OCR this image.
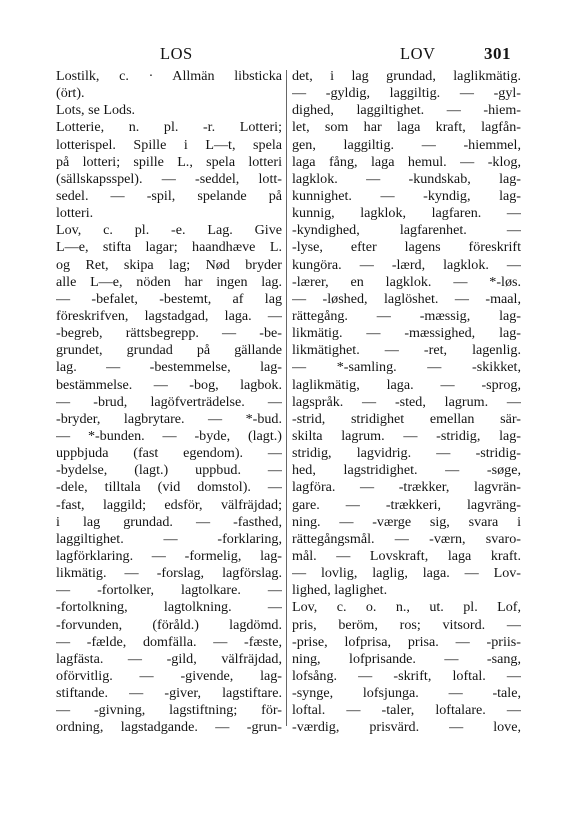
LOS	LOV	301
Lostilk, c. · Allmän libsticka
(ört).
Lots, se Lods.
Lotterie, n. pl. -r. Lotteri;
lotterispel. Spille i L—t, spela
på lotteri; spille L., spela lotteri
(sällskapsspel). — -seddel, lott-
sedel. — -spil, spelande på
lotteri.
Lov, c. pl. -e. Lag. Give
L—e, stifta lagar; haandhæve L.
og Ret, skipa lag; Nød bryder
alle L—e, nöden har ingen lag.
— -befalet, -bestemt, af lag
föreskrifven, lagstadgad, laga. —
-begreb, rättsbegrepp. — -be-
grundet, grundad på gällande
lag. — -bestemmelse, lag-
bestämmelse. — -bog, lagbok.
— -brud, lagöfverträdelse. —
-bryder, lagbrytare. — *-bud.
— *-bunden. — -byde, (lagt.)
uppbjuda (fast egendom). —
-bydelse, (lagt.) uppbud. —
-dele, tilltala (vid domstol). —
-fast, laggild; edsför, välfräjdad;
i lag grundad. — -fasthed,
laggiltighet. — -forklaring,
lagförklaring. — -formelig, lag-
likmätig. — -forslag, lagförslag.
— -fortolker, lagtolkare. —
-fortolkning, lagtolkning. —
-forvunden, (föråld.) lagdömd.
— -fælde, domfälla. — -fæste,
lagfästa. — -gild, välfräjdad,
oförvitlig. — -givende, lag-
stiftande. — -giver, lagstiftare.
— -givning, lagstiftning; för-
ordning, lagstadgande. — -grun-
det, i lag grundad, laglikmätig.
— -gyldig, laggiltig. — -gyl-
dighed, laggiltighet. — -hiem-
let, som har laga kraft, lagfån-
gen, laggiltig. — -hiemmel,
laga fång, laga hemul. — -klog,
lagklok. — -kundskab, lag-
kunnighet. — -kyndig, lag-
kunnig, lagklok, lagfaren. —
-kyndighed, lagfarenhet. —
-lyse, efter lagens föreskrift
kungöra. — -lærd, lagklok. —
-lærer, en lagklok. — *-løs.
— -løshed, laglöshet. — -maal,
rättegång. — -mæssig, lag-
likmätig. — -mæssighed, lag-
likmätighet. — -ret, lagenlig.
— *-samling. — -skikket,
laglikmätig, laga. — -sprog,
lagspråk. — -sted, lagrum. —
-strid, stridighet emellan sär-
skilta lagrum. — -stridig, lag-
stridig, lagvidrig. — -stridig-
hed, lagstridighet. — -søge,
lagföra. — -trækker, lagvrän-
gare. — -trækkeri, lagvräng-
ning. — -værge sig, svara i
rättegångsmål. — -værn, svaro-
mål. — Lovskraft, laga kraft.
— lovlig, laglig, laga. — Lov-
lighed, laglighet.
Lov, c. o. n., ut. pl. Lof,
pris, beröm, ros; vitsord. —
-prise, lofprisa, prisa. — -priis-
ning, lofprisande. — -sang,
lofsång. — -skrift, loftal. —
-synge, lofsjunga. — -tale,
loftal. — -taler, loftalare. —
-værdig, prisvärd. — love,
